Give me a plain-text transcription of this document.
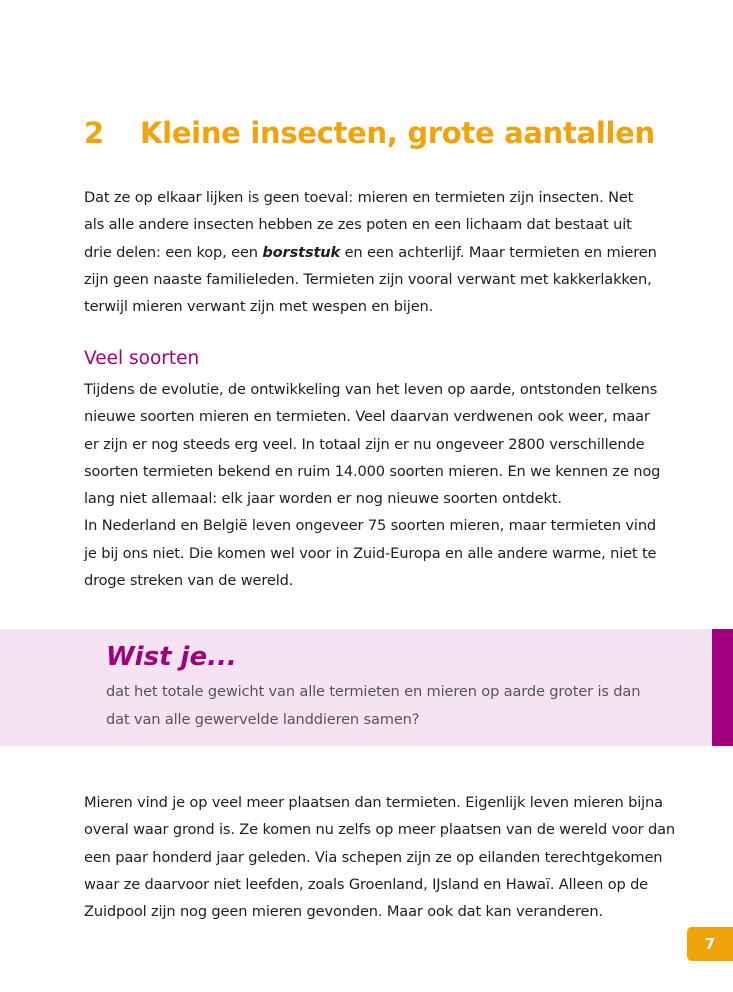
2 Kleine insecten, grote aantallen

Dat ze op elkaar lijken is geen toeval: mieren en termieten zijn insecten. Net
als alle andere insecten hebben ze zes poten en een lichaam dat bestaat uit
drie delen: een kop, een borststuk en een achterlijf. Maar termieten en mieren
zijn geen naaste familieleden. Termieten zijn vooral verwant met kakkerlakken,
terwijl mieren verwant zijn met wespen en bijen.

Veel soorten

Tijdens de evolutie, de ontwikkeling van het leven op aarde, ontstonden telkens
nieuwe soorten mieren en termieten. Veel daarvan verdwenen ook weer, maar
er zijn er nog steeds erg veel. In totaal zijn er nu ongeveer 2800 verschillende
soorten termieten bekend en ruim 14.000 soorten mieren. En we kennen ze nog
lang niet allemaal: elk jaar worden er nog nieuwe soorten ontdekt.
In Nederland en België leven ongeveer 75 soorten mieren, maar termieten vind
je bij ons niet. Die komen wel voor in Zuid-Europa en alle andere warme, niet te
droge streken van de wereld.

Wist je...

dat het totale gewicht van alle termieten en mieren op aarde groter is dan
dat van alle gewervelde landdieren samen?

Mieren vind je op veel meer plaatsen dan termieten. Eigenlijk leven mieren bijna
overal waar grond is. Ze komen nu zelfs op meer plaatsen van de wereld voor dan
een paar honderd jaar geleden. Via schepen zijn ze op eilanden terechtgekomen
waar ze daarvoor niet leefden, zoals Groenland, IJsland en Hawaï. Alleen op de
Zuidpool zijn nog geen mieren gevonden. Maar ook dat kan veranderen.

7
